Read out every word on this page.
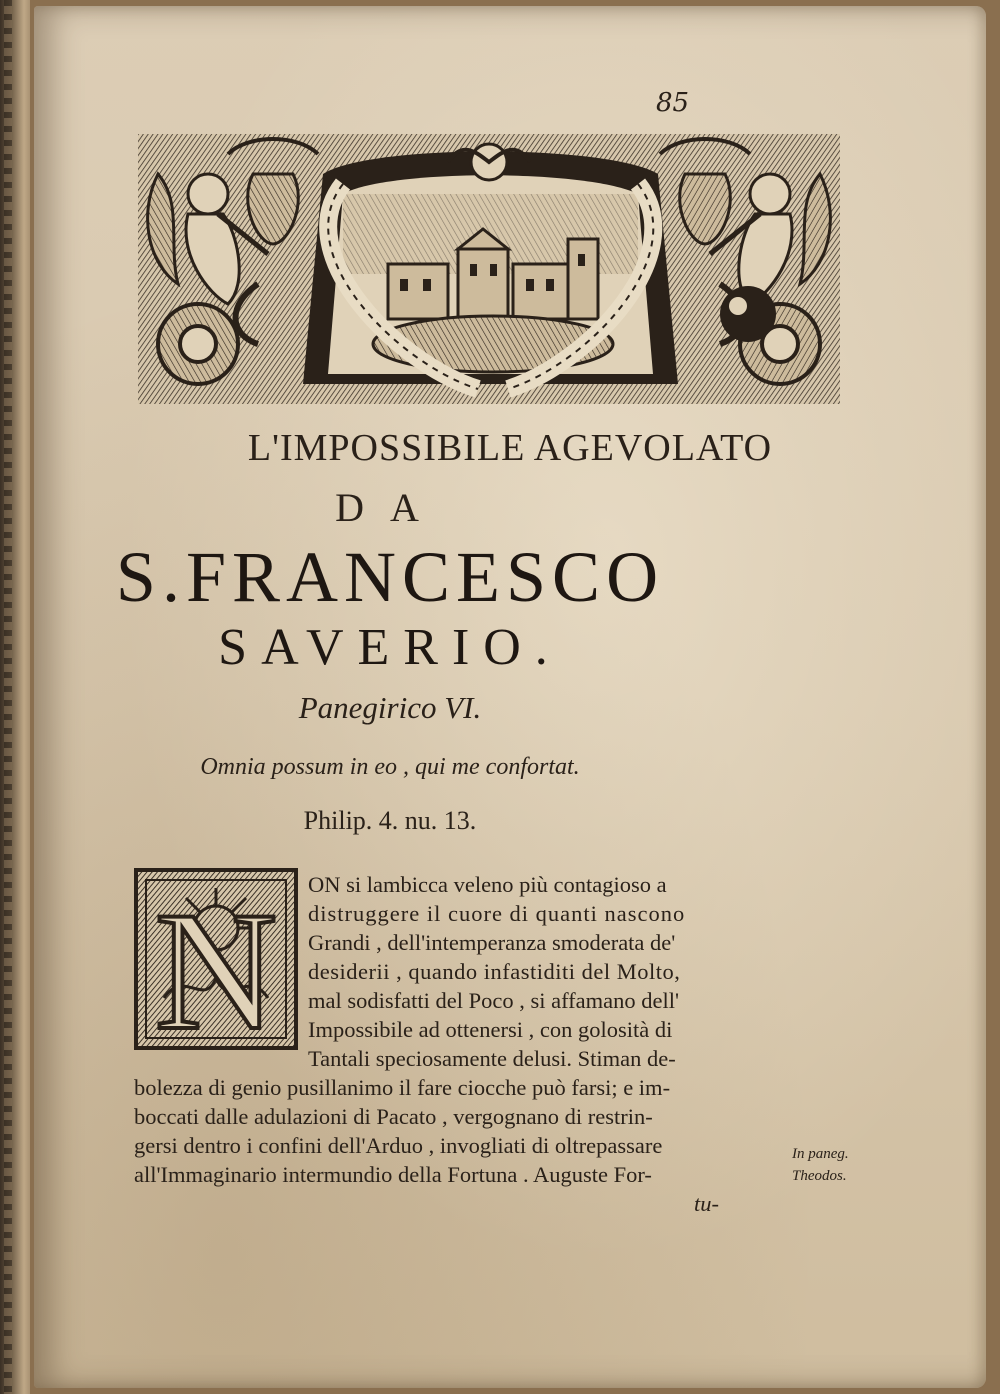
85
L'IMPOSSIBILE AGEVOLATO
DA
S.FRANCESCO
SAVERIO.
Panegirico VI.
Omnia possum in eo , qui me confortat.
Philip. 4. nu. 13.
N ON si lambicca veleno più contagioso a
distruggere il cuore di quanti nascono
Grandi , dell'intemperanza smoderata de'
desiderii , quando infastiditi del Molto,
mal sodisfatti del Poco , si affamano dell'
Impossibile ad ottenersi , con golosità di
Tantali speciosamente delusi. Stiman de-
bolezza di genio pusillanimo il fare ciocche può farsi; e im-
boccati dalle adulazioni di Pacato , vergognano di restrin-
gersi dentro i confini dell'Arduo , invogliati di oltrepassare
all'Immaginario intermundio della Fortuna . Auguste For-
tu-
In paneg.
Theodos.
